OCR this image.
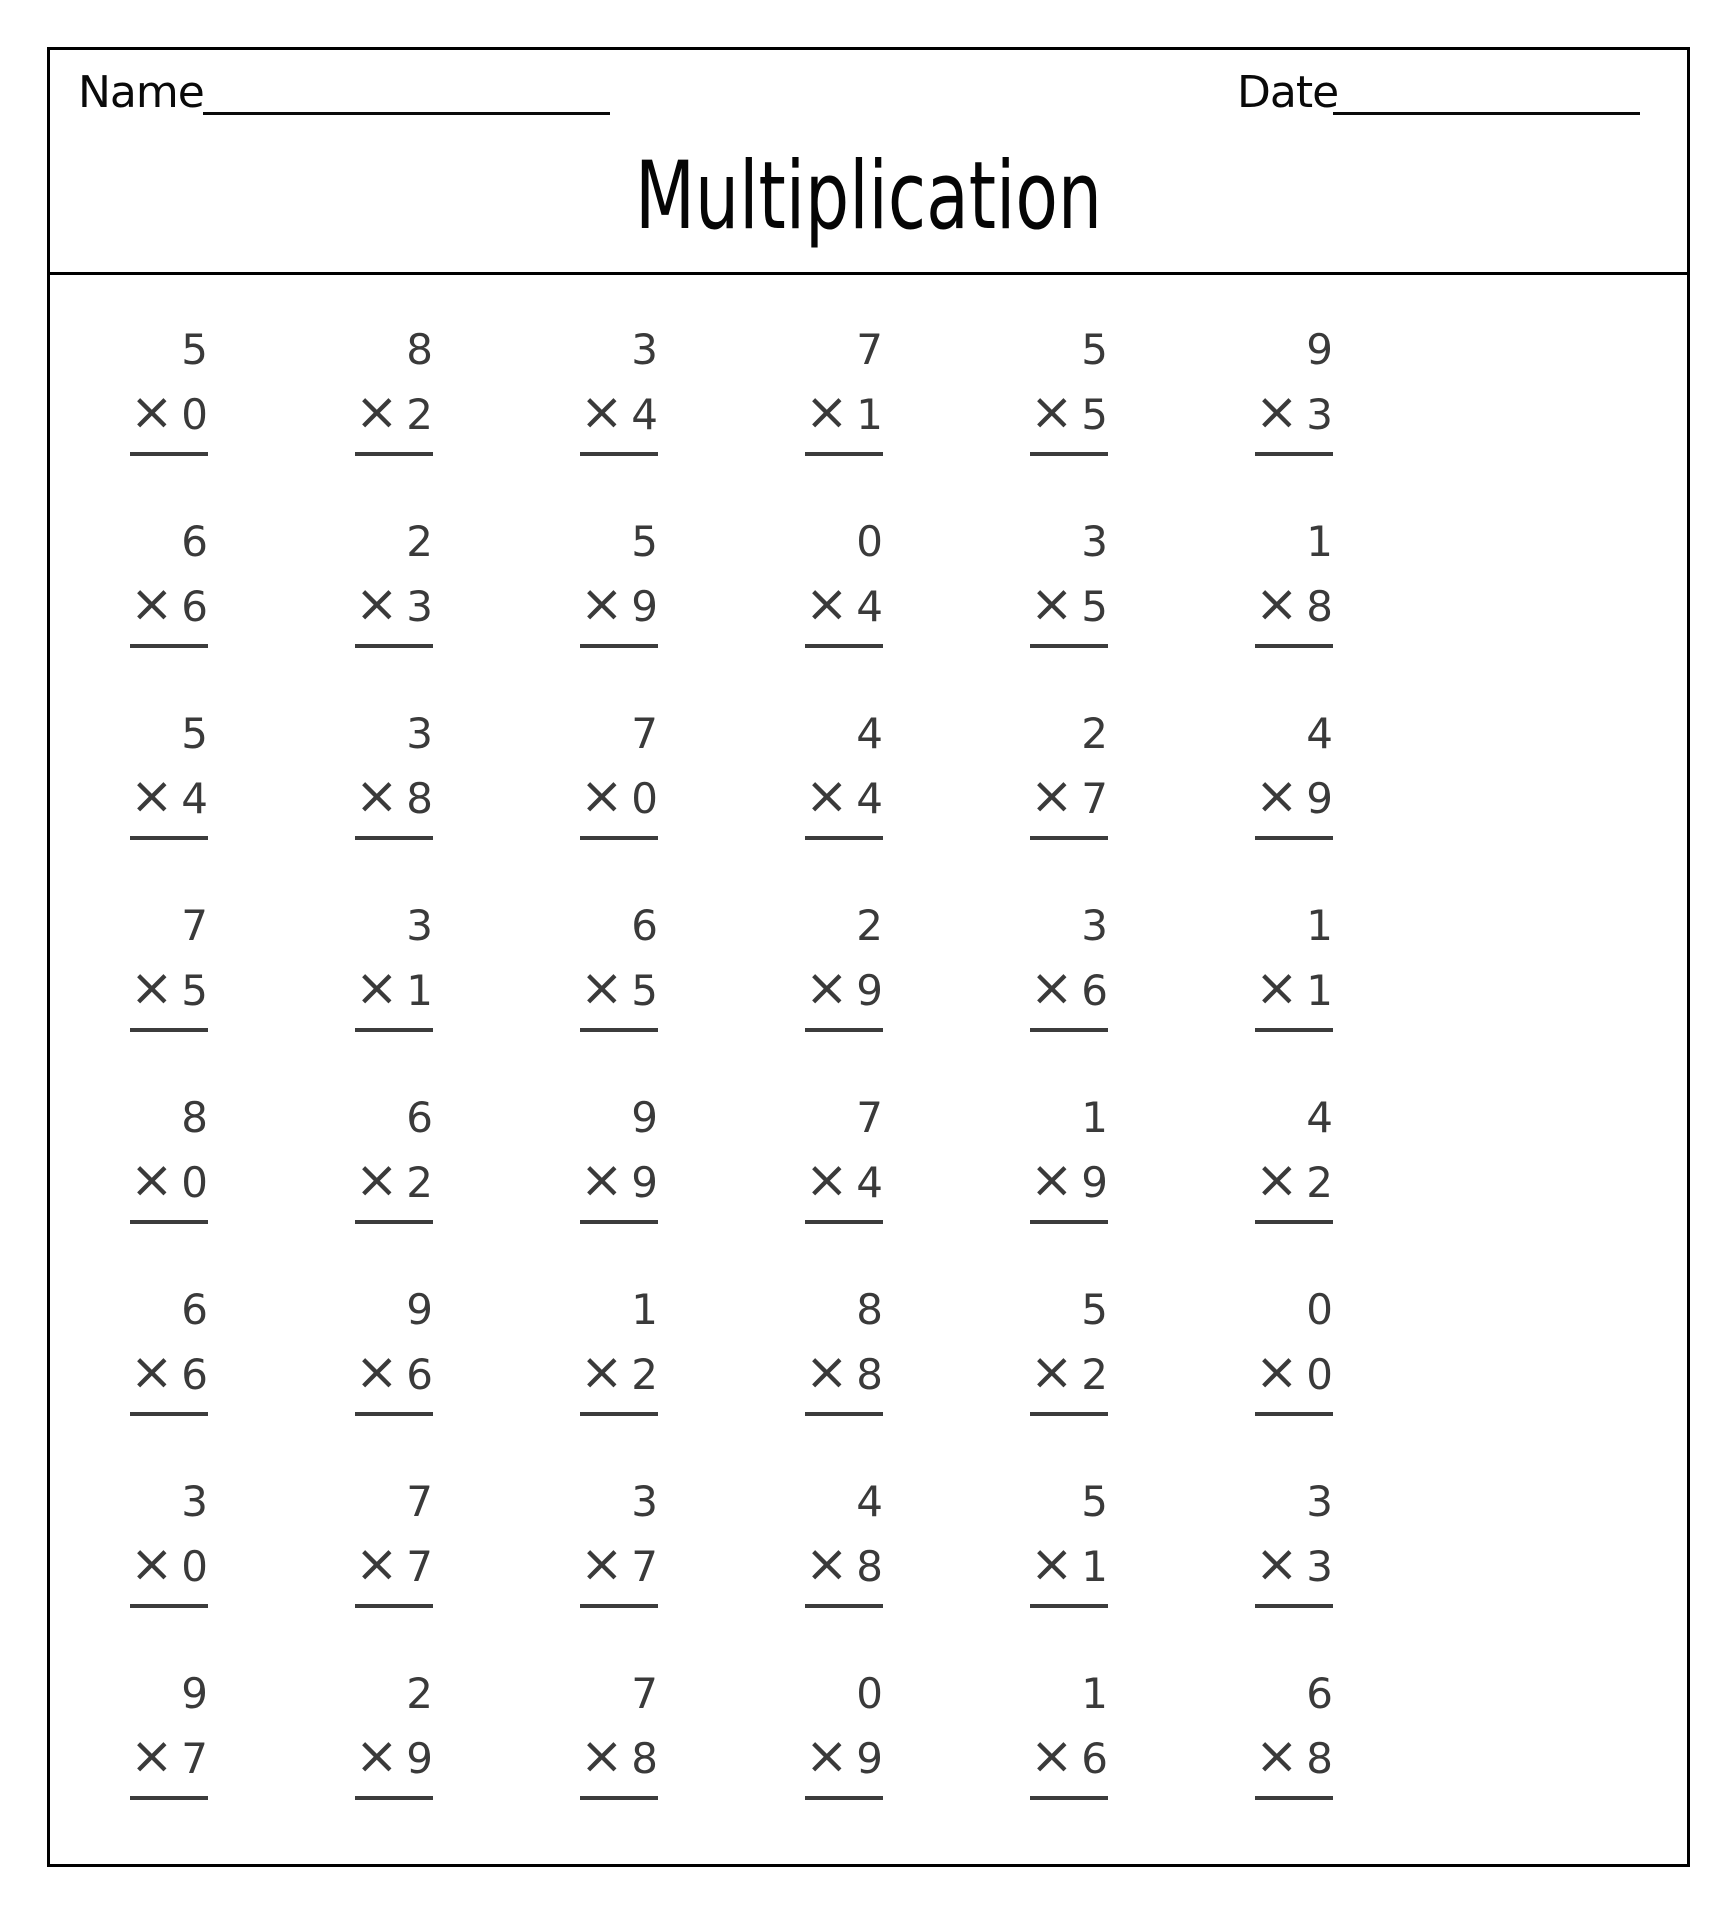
Name	Date
Multiplication
5
× 0
8
× 2
3
× 4
7
× 1
5
× 5
9
× 3
6
× 6
2
× 3
5
× 9
0
× 4
3
× 5
1
× 8
5
× 4
3
× 8
7
× 0
4
× 4
2
× 7
4
× 9
7
× 5
3
× 1
6
× 5
2
× 9
3
× 6
1
× 1
8
× 0
6
× 2
9
× 9
7
× 4
1
× 9
4
× 2
6
× 6
9
× 6
1
× 2
8
× 8
5
× 2
0
× 0
3
× 0
7
× 7
3
× 7
4
× 8
5
× 1
3
× 3
9
× 7
2
× 9
7
× 8
0
× 9
1
× 6
6
× 8
